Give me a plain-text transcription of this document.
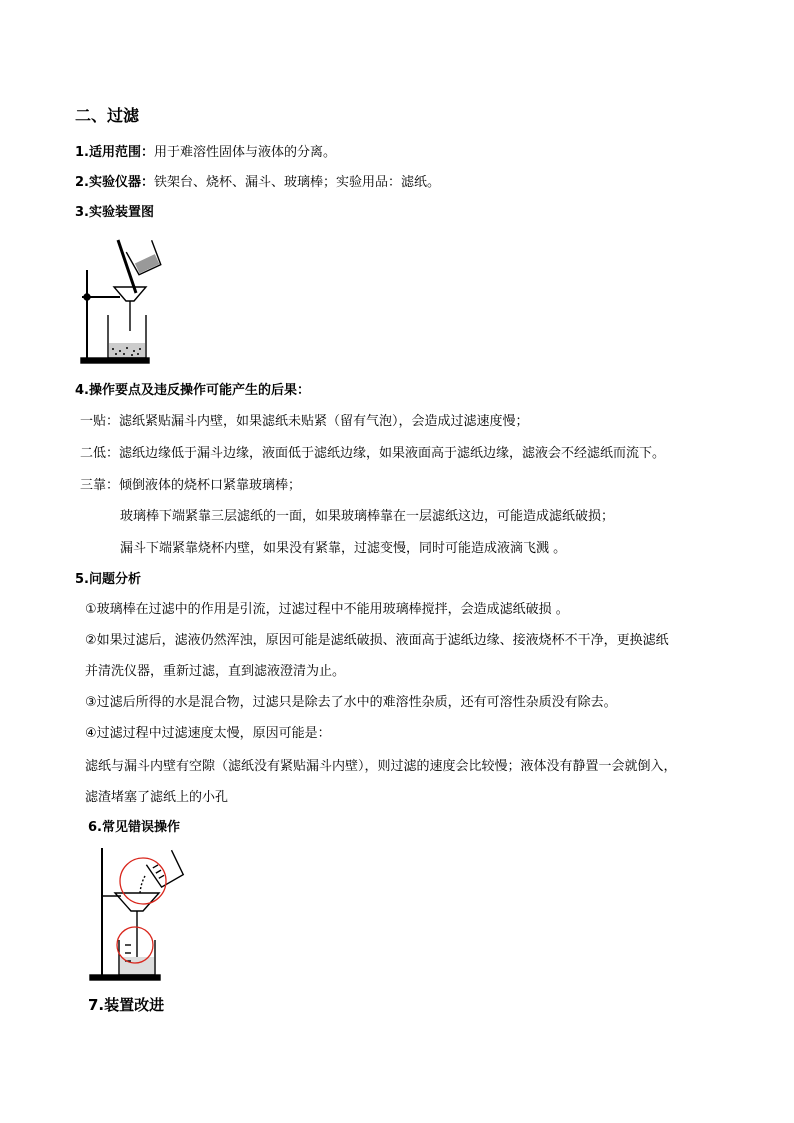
二、过滤
1.适用范围：用于难溶性固体与液体的分离。
2.实验仪器：铁架台、烧杯、漏斗、玻璃棒；实验用品：滤纸。
3.实验装置图
4.操作要点及违反操作可能产生的后果：
一贴：滤纸紧贴漏斗内壁，如果滤纸未贴紧（留有气泡），会造成过滤速度慢；
二低：滤纸边缘低于漏斗边缘，液面低于滤纸边缘，如果液面高于滤纸边缘，滤液会不经滤纸而流下。
三靠：倾倒液体的烧杯口紧靠玻璃棒；
玻璃棒下端紧靠三层滤纸的一面，如果玻璃棒靠在一层滤纸这边，可能造成滤纸破损；
漏斗下端紧靠烧杯内壁，如果没有紧靠，过滤变慢，同时可能造成液滴飞溅 。
5.问题分析
①玻璃棒在过滤中的作用是引流，过滤过程中不能用玻璃棒搅拌，会造成滤纸破损 。
②如果过滤后，滤液仍然浑浊，原因可能是滤纸破损、液面高于滤纸边缘、接液烧杯不干净，更换滤纸
并清洗仪器，重新过滤，直到滤液澄清为止。
③过滤后所得的水是混合物，过滤只是除去了水中的难溶性杂质，还有可溶性杂质没有除去。
④过滤过程中过滤速度太慢，原因可能是：
滤纸与漏斗内壁有空隙（滤纸没有紧贴漏斗内壁），则过滤的速度会比较慢；液体没有静置一会就倒入，
滤渣堵塞了滤纸上的小孔
6.常见错误操作
7.装置改进
